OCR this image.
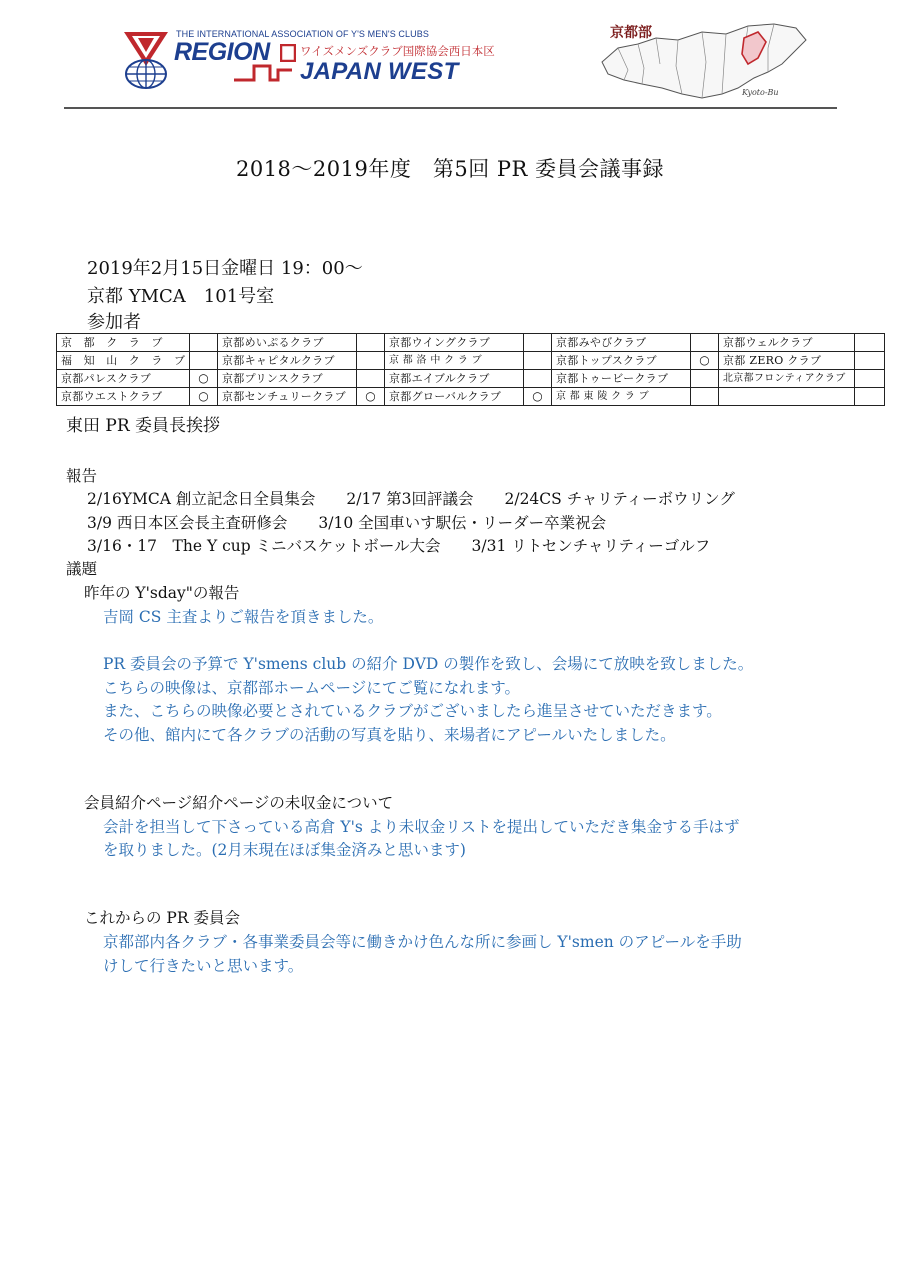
THE INTERNATIONAL ASSOCIATION OF Y'S MEN'S CLUBS
REGION	ワイズメンズクラブ国際協会西日本区
JAPAN WEST
京都部
Kyoto-Bu
2018〜2019年度　第5回 PR 委員会議事録
2019年2月15日金曜日 19：00〜
京都 YMCA　101号室
参加者
京　都　ク　ラ　ブ		京都めいぷるクラブ		京都ウイングクラブ		京都みやびクラブ		京都ウェルクラブ	
福　知　山　ク　ラ　ブ		京都キャピタルクラブ		京 都 洛 中 ク ラ ブ		京都トップスクラブ	○	京都 ZERO クラブ	
京都パレスクラブ	○	京都プリンスクラブ		京都エイブルクラブ		京都トゥービークラブ		北京都フロンティアクラブ	
京都ウエストクラブ	○	京都センチュリークラブ	○	京都グローバルクラブ	○	京 都 東 陵 ク ラ ブ			
東田 PR 委員長挨拶
報告
2/16YMCA 創立記念日全員集会　　2/17 第3回評議会　　2/24CS チャリティーボウリング
3/9 西日本区会長主査研修会　　3/10 全国車いす駅伝・リーダー卒業祝会
3/16・17　The Y cup ミニバスケットボール大会　　3/31 リトセンチャリティーゴルフ
議題
昨年の Y'sday"の報告
吉岡 CS 主査よりご報告を頂きました。
PR 委員会の予算で Y'smens club の紹介 DVD の製作を致し、会場にて放映を致しました。
こちらの映像は、京都部ホームページにてご覧になれます。
また、こちらの映像必要とされているクラブがございましたら進呈させていただきます。
その他、館内にて各クラブの活動の写真を貼り、来場者にアピールいたしました。
会員紹介ページ紹介ページの未収金について
会計を担当して下さっている高倉 Y's より未収金リストを提出していただき集金する手はず
を取りました。(2月末現在ほぼ集金済みと思います)
これからの PR 委員会
京都部内各クラブ・各事業委員会等に働きかけ色んな所に参画し Y'smen のアピールを手助
けして行きたいと思います。
